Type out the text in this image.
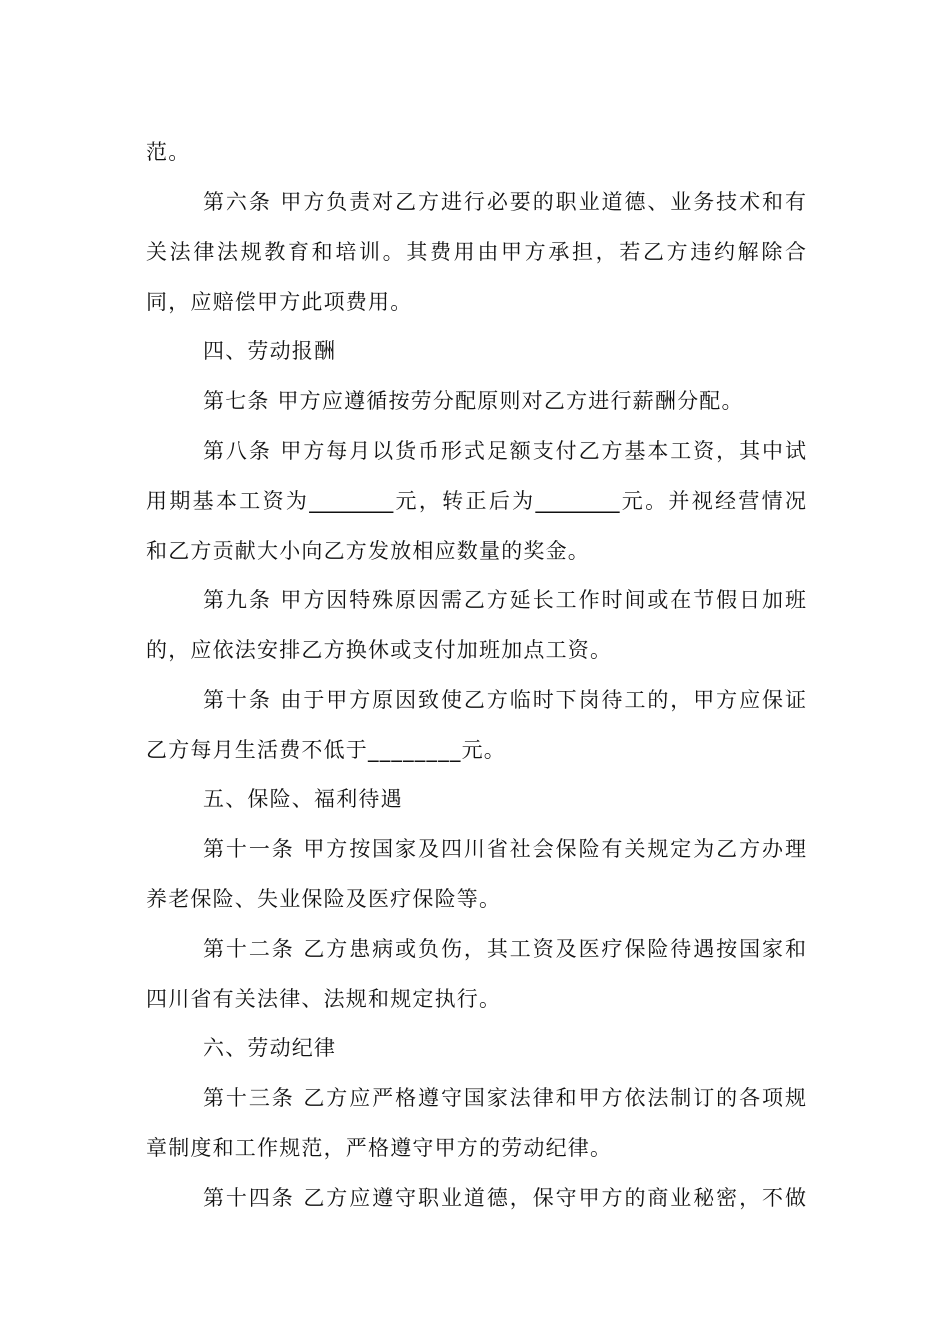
范。
第六条 甲方负责对乙方进行必要的职业道德、业务技术和有
关法律法规教育和培训。其费用由甲方承担，若乙方违约解除合
同，应赔偿甲方此项费用。
四、劳动报酬
第七条 甲方应遵循按劳分配原则对乙方进行薪酬分配。
第八条 甲方每月以货币形式足额支付乙方基本工资，其中试
用期基本工资为________元，转正后为________元。并视经营情况
和乙方贡献大小向乙方发放相应数量的奖金。
第九条 甲方因特殊原因需乙方延长工作时间或在节假日加班
的，应依法安排乙方换休或支付加班加点工资。
第十条 由于甲方原因致使乙方临时下岗待工的，甲方应保证
乙方每月生活费不低于________元。
五、保险、福利待遇
第十一条 甲方按国家及四川省社会保险有关规定为乙方办理
养老保险、失业保险及医疗保险等。
第十二条 乙方患病或负伤，其工资及医疗保险待遇按国家和
四川省有关法律、法规和规定执行。
六、劳动纪律
第十三条 乙方应严格遵守国家法律和甲方依法制订的各项规
章制度和工作规范，严格遵守甲方的劳动纪律。
第十四条 乙方应遵守职业道德，保守甲方的商业秘密，不做
